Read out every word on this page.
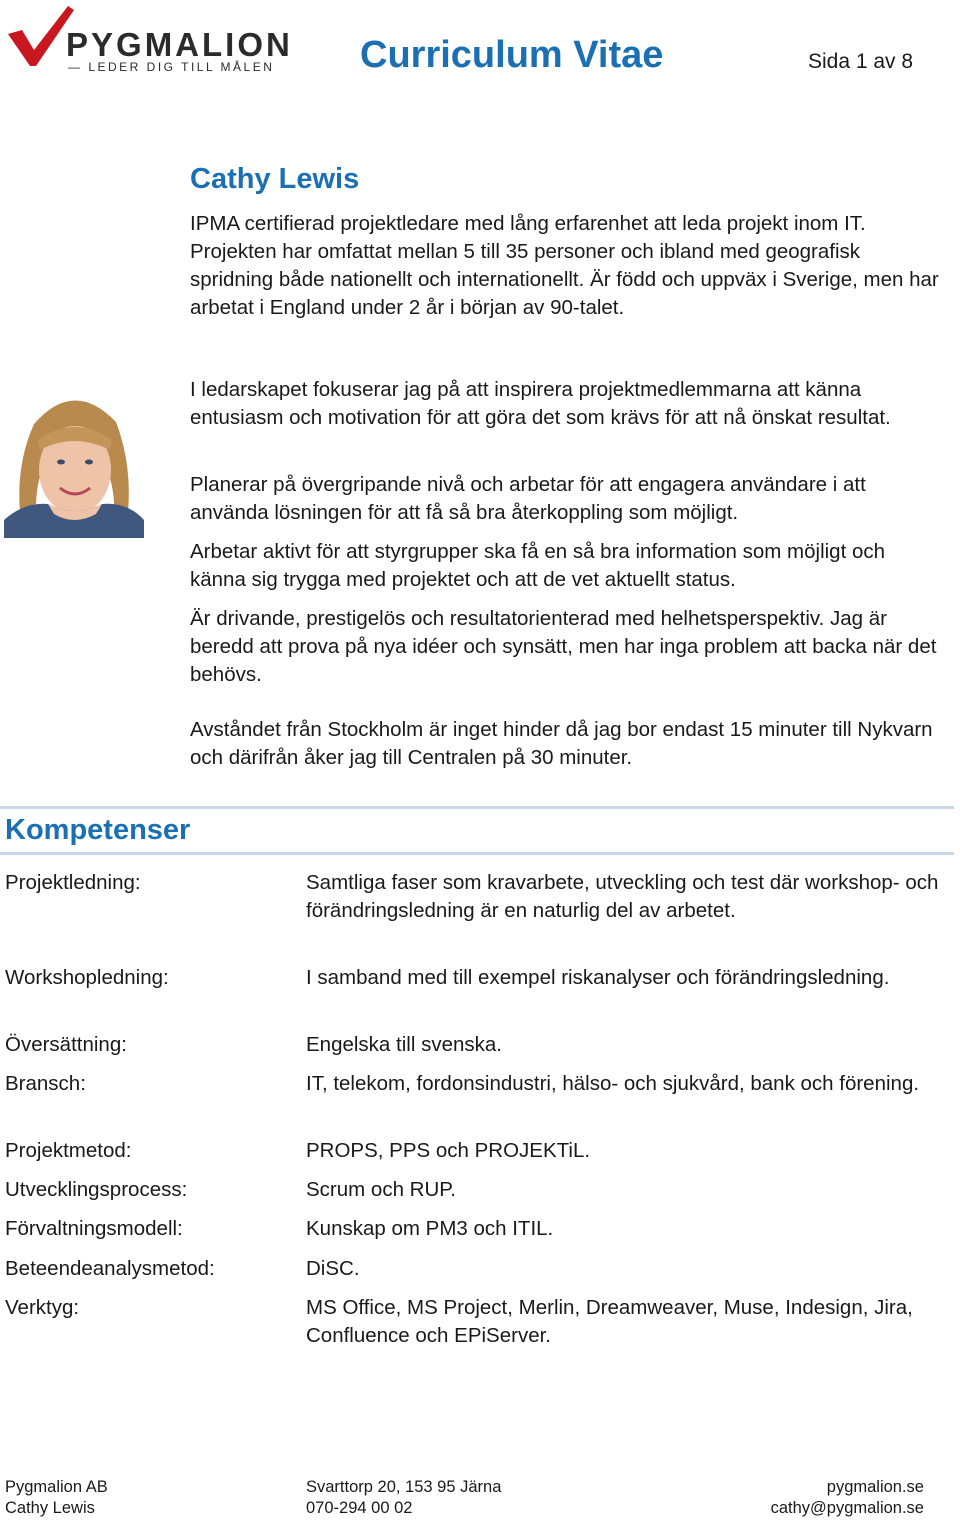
PYGMALION
— LEDER DIG TILL MÅLEN Curriculum Vitae	Sida 1 av 8
Cathy Lewis

IPMA certifierad projektledare med lång erfarenhet att leda projekt inom IT. Projekten har omfattat mellan 5 till 35 personer och ibland med geografisk spridning både nationellt och internationellt. Är född och uppväx i Sverige, men har arbetat i England under 2 år i början av 90-talet.

I ledarskapet fokuserar jag på att inspirera projektmedlemmarna att känna entusiasm och motivation för att göra det som krävs för att nå önskat resultat.

Planerar på övergripande nivå och arbetar för att engagera användare i att använda lösningen för att få så bra återkoppling som möjligt.

Arbetar aktivt för att styrgrupper ska få en så bra information som möjligt och känna sig trygga med projektet och att de vet aktuellt status.

Är drivande, prestigelös och resultatorienterad med helhetsperspektiv. Jag är beredd att prova på nya idéer och synsätt, men har inga problem att backa när det behövs.

Avståndet från Stockholm är inget hinder då jag bor endast 15 minuter till Nykvarn och därifrån åker jag till Centralen på 30 minuter.

Kompetenser
Projektledning:	Samtliga faser som kravarbete, utveckling och test där workshop- och förändringsledning är en naturlig del av arbetet.
Workshopledning:	I samband med till exempel riskanalyser och förändringsledning.
Översättning:	Engelska till svenska.
Bransch:	IT, telekom, fordonsindustri, hälso- och sjukvård, bank och förening.
Projektmetod:	PROPS, PPS och PROJEKTiL.
Utvecklingsprocess:	Scrum och RUP.
Förvaltningsmodell:	Kunskap om PM3 och ITIL.
Beteendeanalysmetod:	DiSC.
Verktyg:	MS Office, MS Project, Merlin, Dreamweaver, Muse, Indesign, Jira, Confluence och EPiServer.
Pygmalion AB
Cathy Lewis
Svarttorp 20, 153 95 Järna
070-294 00 02
pygmalion.se
cathy@pygmalion.se
